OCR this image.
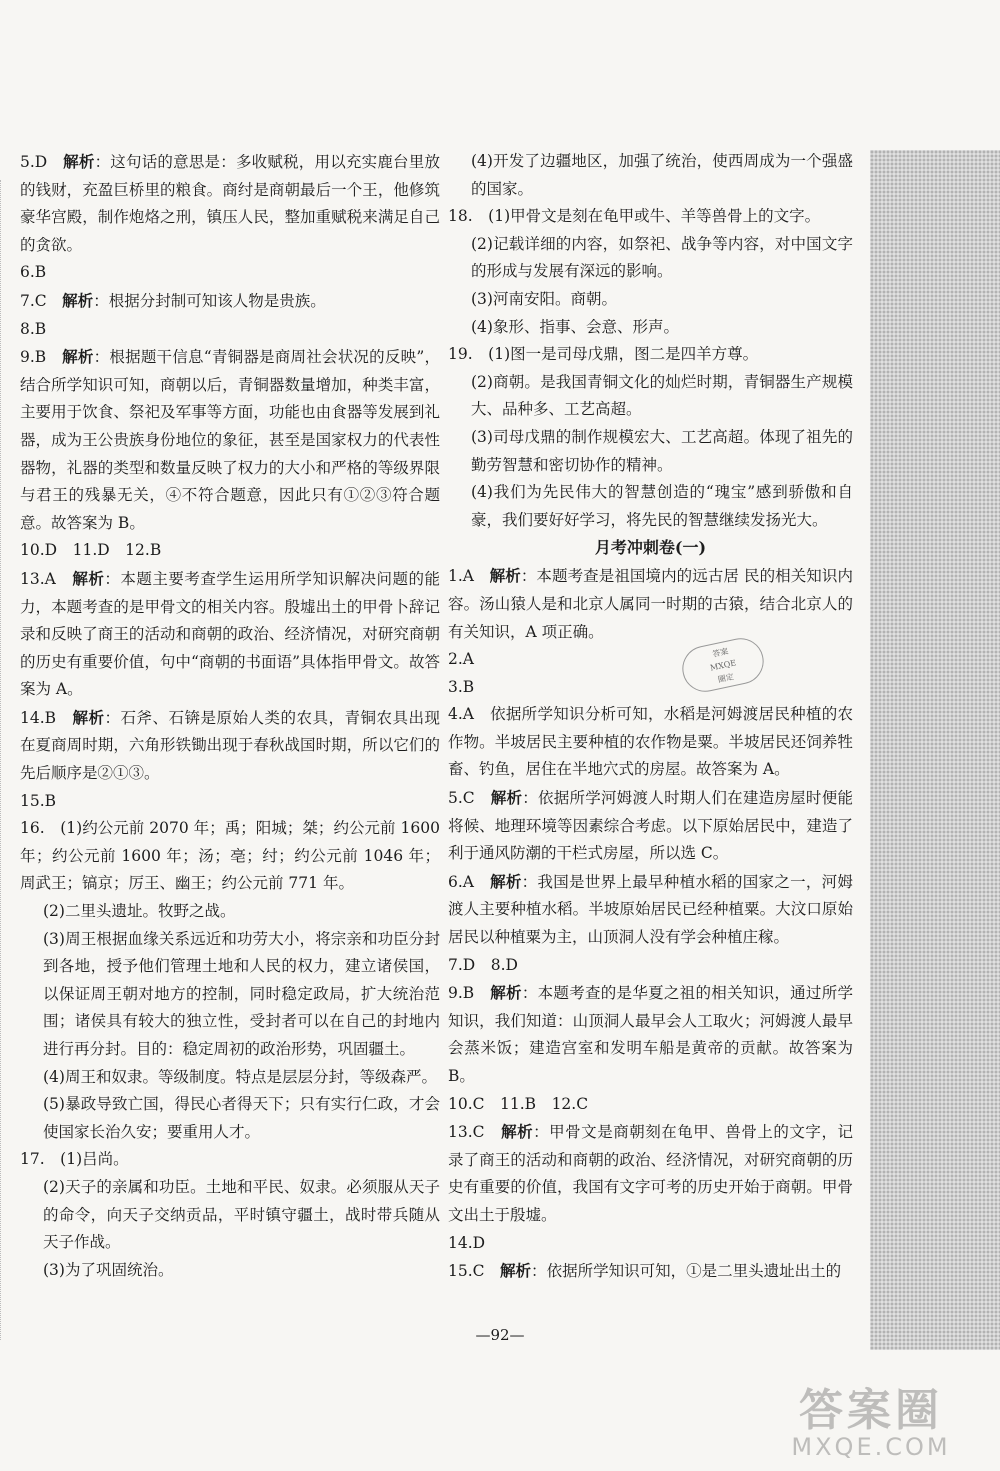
5.D　 解析：这句话的意思是：多收赋税，用以充实鹿台里放的钱财，充盈巨桥里的粮食。商纣是商朝最后一个王，他修筑豪华宫殿，制作炮烙之刑，镇压人民，整加重赋税来满足自己的贪欲。

6.B

7.C　 解析：根据分封制可知该人物是贵族。

8.B

9.B　 解析：根据题干信息“青铜器是商周社会状况的反映”，结合所学知识可知，商朝以后，青铜器数量增加，种类丰富，主要用于饮食、祭祀及军事等方面，功能也由食器等发展到礼器，成为王公贵族身份地位的象征，甚至是国家权力的代表性器物，礼器的类型和数量反映了权力的大小和严格的等级界限与君王的残暴无关，④不符合题意，因此只有①②③符合题意。故答案为 B。

10.D　 11.D　12.B

13.A　 解析：本题主要考查学生运用所学知识解决问题的能力，本题考查的是甲骨文的相关内容。殷墟出土的甲骨卜辞记录和反映了商王的活动和商朝的政治、经济情况，对研究商朝的历史有重要价值，句中“商朝的书面语”具体指甲骨文。故答案为 A。

14.B　 解析：石斧、石锛是原始人类的农具，青铜农具出现在夏商周时期，六角形铁锄出现于春秋战国时期，所以它们的先后顺序是②①③。

15.B

16.　 (1)约公元前 2070 年；禹；阳城；桀；约公元前 1600 年；约公元前 1600 年；汤；亳；纣；约公元前 1046 年；周武王；镐京；厉王、幽王；约公元前 771 年。

(2)二里头遗址。牧野之战。

(3)周王根据血缘关系远近和功劳大小，将宗亲和功臣分封到各地，授予他们管理土地和人民的权力，建立诸侯国，以保证周王朝对地方的控制，同时稳定政局，扩大统治范围；诸侯具有较大的独立性，受封者可以在自己的封地内进行再分封。目的：稳定周初的政治形势，巩固疆土。

(4)周王和奴隶。等级制度。特点是层层分封，等级森严。

(5)暴政导致亡国，得民心者得天下；只有实行仁政，才会使国家长治久安；要重用人才。

17.　 (1)吕尚。

(2)天子的亲属和功臣。土地和平民、奴隶。必须服从天子的命令，向天子交纳贡品，平时镇守疆土，战时带兵随从天子作战。

(3)为了巩固统治。

(4)开发了边疆地区，加强了统治，使西周成为一个强盛的国家。

18.　 (1)甲骨文是刻在龟甲或牛、羊等兽骨上的文字。

(2)记载详细的内容，如祭祀、战争等内容，对中国文字的形成与发展有深远的影响。

(3)河南安阳。商朝。

(4)象形、指事、会意、形声。

19.　 (1)图一是司母戊鼎，图二是四羊方尊。

(2)商朝。是我国青铜文化的灿烂时期，青铜器生产规模大、品种多、工艺高超。

(3)司母戊鼎的制作规模宏大、工艺高超。体现了祖先的勤劳智慧和密切协作的精神。

(4)我们为先民伟大的智慧创造的“瑰宝”感到骄傲和自豪，我们要好好学习，将先民的智慧继续发扬光大。

月考冲刺卷(一)

1.A　 解析：本题考查是祖国境内的远古居 民的相关知识内容。汤山猿人是和北京人属同一时期的古猿，结合北京人的有关知识，A 项正确。

2.A

3.B

4.A　 依据所学知识分析可知，水稻是河姆渡居民种植的农作物。半坡居民主要种植的农作物是粟。半坡居民还饲养牲畜、钓鱼，居住在半地穴式的房屋。故答案为 A。

5.C　 解析：依据所学河姆渡人时期人们在建造房屋时便能将候、地理环境等因素综合考虑。以下原始居民中，建造了利于通风防潮的干栏式房屋，所以选 C。

6.A　 解析：我国是世界上最早种植水稻的国家之一，河姆渡人主要种植水稻。半坡原始居民已经种植粟。大汶口原始居民以种植粟为主，山顶洞人没有学会种植庄稼。

7.D　 8.D

9.B　 解析：本题考查的是华夏之祖的相关知识，通过所学知识，我们知道：山顶洞人最早会人工取火；河姆渡人最早会蒸米饭；建造宫室和发明车船是黄帝的贡献。故答案为 B。

10.C　 11.B　12.C

13.C　 解析：甲骨文是商朝刻在龟甲、兽骨上的文字，记录了商王的活动和商朝的政治、经济情况，对研究商朝的历史有重要的价值，我国有文字可考的历史开始于商朝。甲骨文出土于殷墟。

14.D

15.C　 解析：依据所学知识可知，①是二里头遗址出土的

答案
MXQE
圈定
—92—
答案圈
MXQE.COM
